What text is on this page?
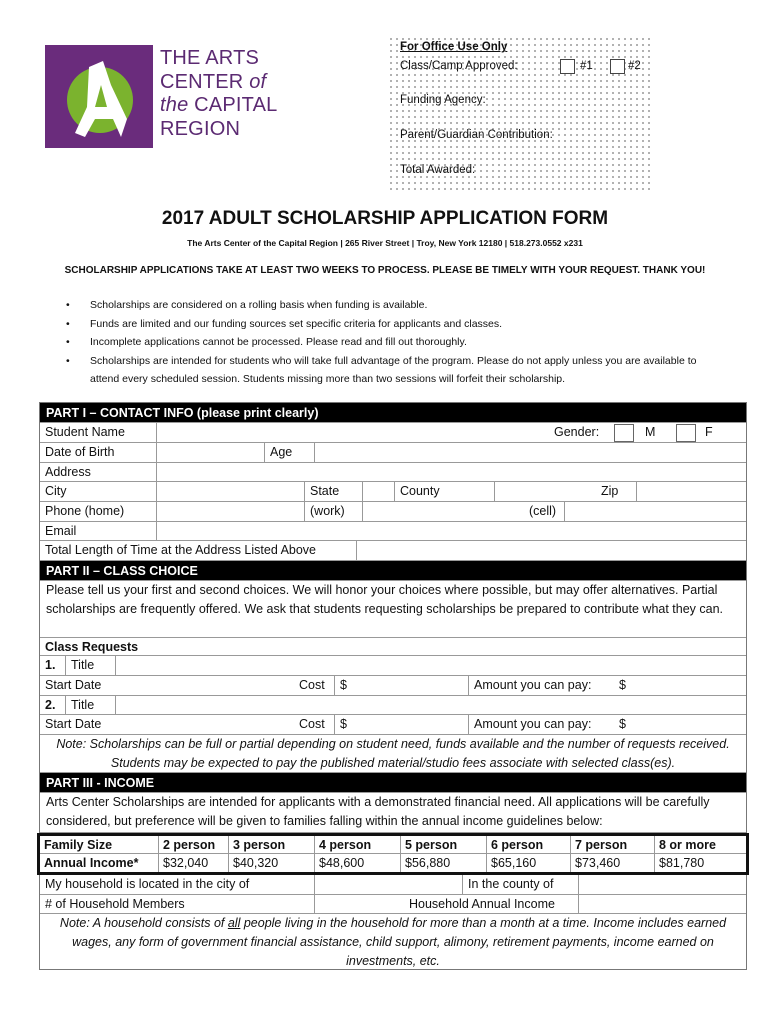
THE ARTS
CENTER of
the CAPITAL
REGION
For Office Use Only
Class/Camp Approved:	#1	#2
Funding Agency:
Parent/Guardian Contribution:
Total Awarded:
2017 ADULT SCHOLARSHIP APPLICATION FORM
The Arts Center of the Capital Region | 265 River Street | Troy, New York 12180 | 518.273.0552 x231
SCHOLARSHIP APPLICATIONS TAKE AT LEAST TWO WEEKS TO PROCESS. PLEASE BE TIMELY WITH YOUR REQUEST. THANK YOU!
• Scholarships are considered on a rolling basis when funding is available.
• Funds are limited and our funding sources set specific criteria for applicants and classes.
• Incomplete applications cannot be processed. Please read and fill out thoroughly.
• Scholarships are intended for students who will take full advantage of the program. Please do not apply unless you are available to attend every scheduled session. Students missing more than two sessions will forfeit their scholarship.
PART I – CONTACT INFO (please print clearly)
Student Name	Gender:	M	F
Date of Birth	Age
Address
City	State	County	Zip
Phone (home)	(work)	(cell)
Email
Total Length of Time at the Address Listed Above
PART II – CLASS CHOICE
Please tell us your first and second choices. We will honor your choices where possible, but may offer alternatives. Partial scholarships are frequently offered. We ask that students requesting scholarships be prepared to contribute what they can.
Class Requests
1.	Title
Start Date	Cost	$	Amount you can pay:	$
2.	Title
Start Date	Cost	$	Amount you can pay:	$
Note: Scholarships can be full or partial depending on student need, funds available and the number of requests received. Students may be expected to pay the published material/studio fees associate with selected class(es).
PART III - INCOME
Arts Center Scholarships are intended for applicants with a demonstrated financial need. All applications will be carefully considered, but preference will be given to families falling within the annual income guidelines below:
Family Size	2 person	3 person	4 person	5 person	6 person	7 person	8 or more
Annual Income*	$32,040	$40,320	$48,600	$56,880	$65,160	$73,460	$81,780
My household is located in the city of	In the county of
# of Household Members	Household Annual Income
Note: A household consists of all people living in the household for more than a month at a time. Income includes earned wages, any form of government financial assistance, child support, alimony, retirement payments, income earned on investments, etc.
